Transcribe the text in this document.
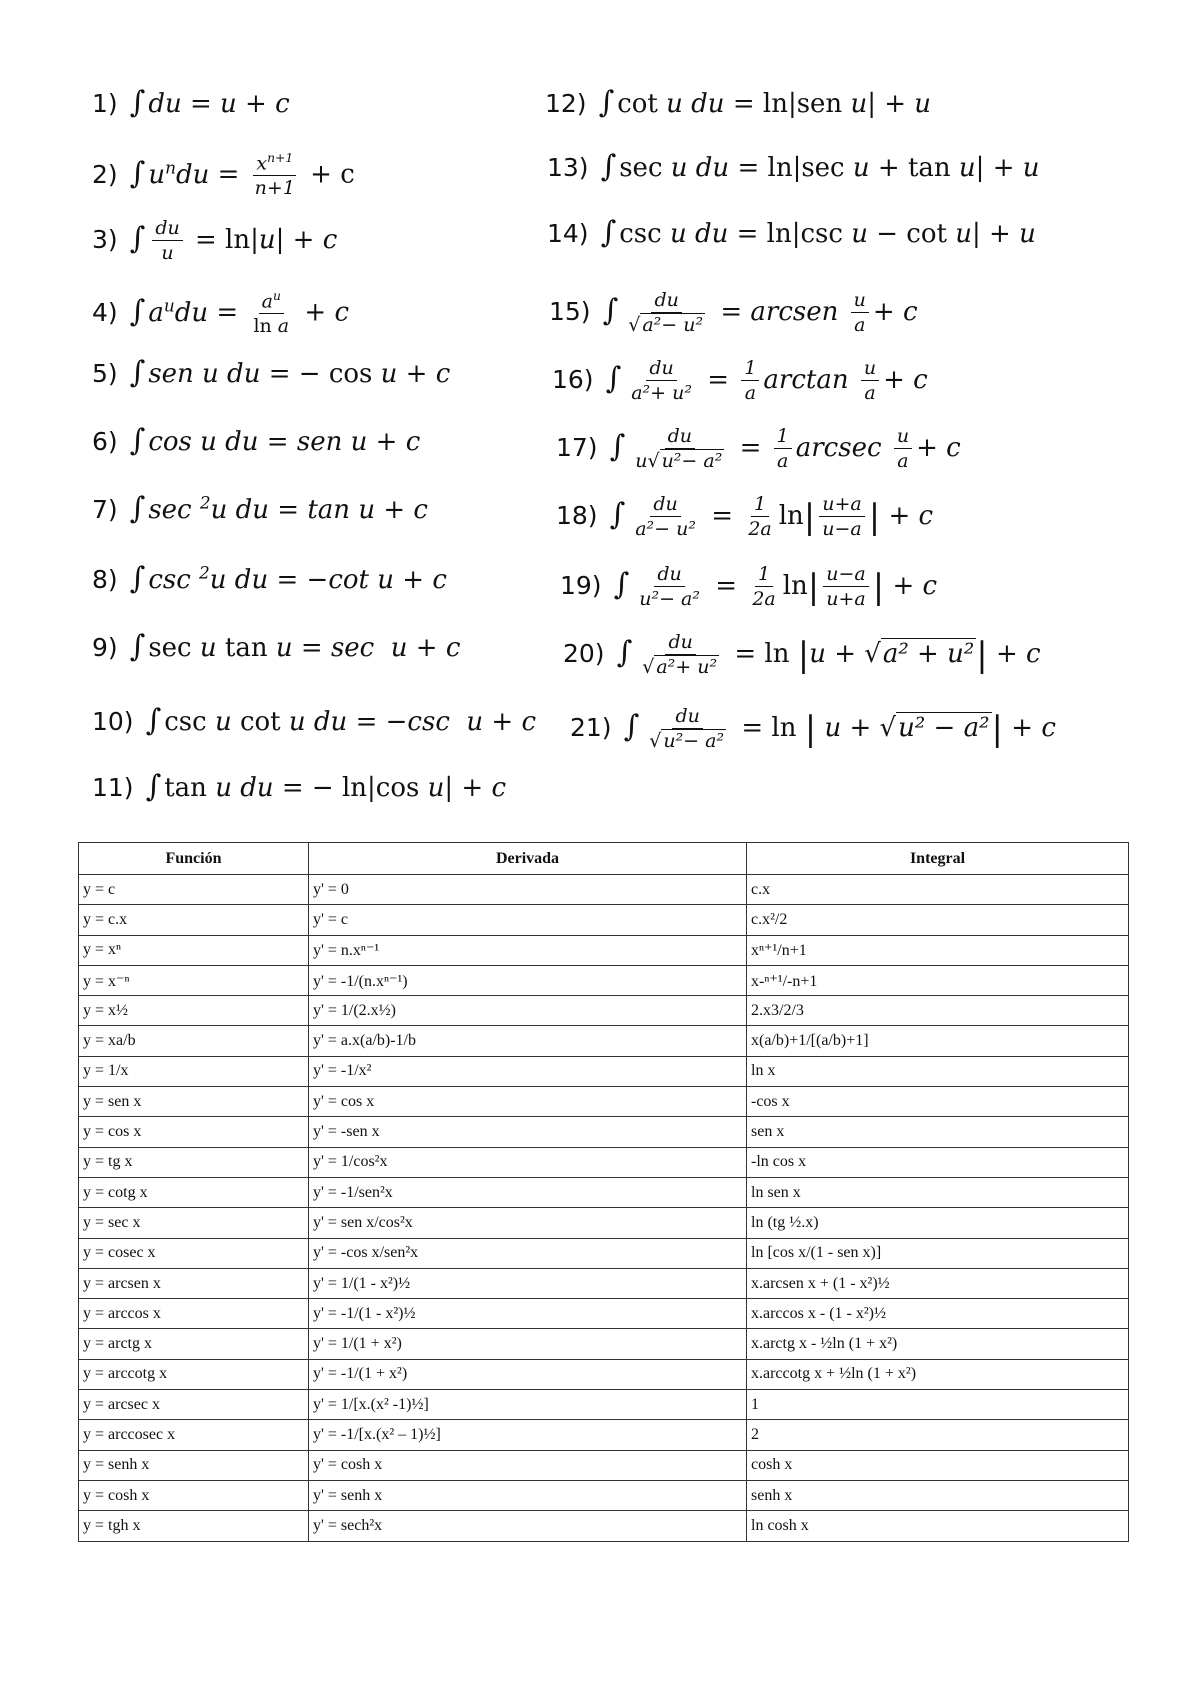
1) ∫ du = u + c
2) ∫ $u^ndu = \frac{x^{n+1}}{n+1} + c$
3) ∫ $\frac{du}{u} = \ln|u| + c$
4) ∫ $a^udu = \frac{a^u}{\text{ln a}} + c$
5) ∫ sen u du = − cos u + c
6) ∫ cos u du = sen u + c
7) ∫ sec $^2$u du = tan u + c
8) ∫ csc $^2$u du = −cot u + c
9) ∫ sec u tan u = sec  u + c
10) ∫ csc u cot u du = −csc  u + c
11) ∫ tan u du = − ln|cos u| + c
12) ∫ cot u du = ln|sen u| + u
13) ∫ sec u du = ln|sec u + tan u| + u
14) ∫ csc u du = ln|csc u − cot u| + u
15) ∫ $\frac{du}{\text{√ a²− u²}}$ = arcsen $\frac{u}{a} + c$
16) ∫ $\frac{du}{\text{a²+ u²}} = \frac{1}{a}$ $\arctan \frac{u}{a} + c$
17) ∫ $\frac{du}{\text{u√ u²− a²}} = \frac{1}{a}$ arcsec $\frac{u}{a} + c$
18) ∫ $\frac{du}{\text{a²− u²}} = \frac{1}{2a} \ln| \frac{u+a}{u-a}$ | + c
19) ∫ $\frac{du}{\text{u²− a²}} = \frac{1}{2a} \ln| \frac{u-a}{u+a}$ | + c
20) ∫ $\frac{du}{\text{√ a²+ u²}} = \ln |u + √a^2 + u^2| + c$
21) ∫ $\frac{du}{\text{√ u²− a²}} = \ln$ | u + √u² − a²| + c
Función	Derivada	Integral
y = c	y' = 0	c.x
y = c.x	y' = c	c.x²/2
y = xⁿ	y' = n.xⁿ⁻¹	xⁿ⁺¹/n+1
y = x⁻ⁿ	y' = -1/(n.xⁿ⁻¹)	x-ⁿ⁺¹/-n+1
y = x½	y' = 1/(2.x½)	2.x3/2/3
y = xa/b	y' = a.x(a/b)-1/b	x(a/b)+1/[(a/b)+1]
y = 1/x	y' = -1/x²	ln x
y = sen x	y' = cos x	-cos x
y = cos x	y' = -sen x	sen x
y = tg x	y' = 1/cos²x	-ln cos x
y = cotg x	y' = -1/sen²x	ln sen x
y = sec x	y' = sen x/cos²x	ln (tg ½.x)
y = cosec x	y' = -cos x/sen²x	ln [cos x/(1 - sen x)]
y = arcsen x	y' = 1/(1 - x²)½	x.arcsen x + (1 - x²)½
y = arccos x	y' = -1/(1 - x²)½	x.arccos x - (1 - x²)½
y = arctg x	y' = 1/(1 + x²)	x.arctg x - ½ln (1 + x²)
y = arccotg x	y' = -1/(1 + x²)	x.arccotg x + ½ln (1 + x²)
y = arcsec x	y' = 1/[x.(x² -1)½]	1
y = arccosec x	y' = -1/[x.(x² – 1)½]	2
y = senh x	y' = cosh x	cosh x
y = cosh x	y' = senh x	senh x
y = tgh x	y' = sech²x	ln cosh x
